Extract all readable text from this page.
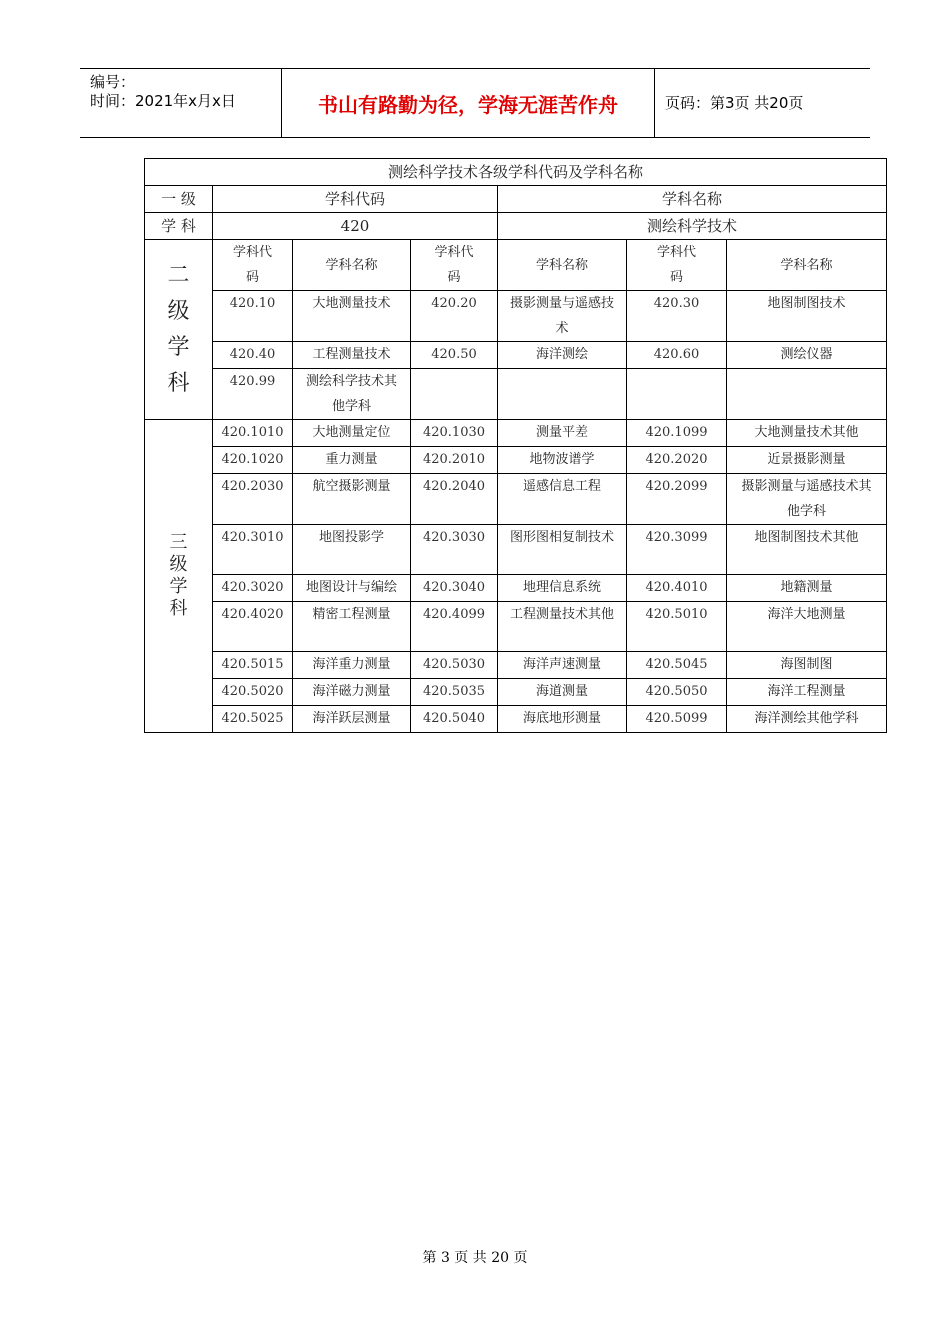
编号：
时间：2021年x月x日	书山有路勤为径，学海无涯苦作舟	页码：第3页 共20页
测绘科学技术各级学科代码及学科名称						
一 级	学科代码			学科名称		
学 科	420			测绘科学技术		

二
级
学
科	学科代码	学科名称	学科代码	学科名称	学科代码	学科名称
	420.10	大地测量技术	420.20	摄影测量与遥感技术	420.30	地图制图技术
	420.40	工程测量技术	420.50	海洋测绘	420.60	测绘仪器
	420.99	测绘科学技术其他学科				

三
级
学
科	420.1010	大地测量定位	420.1030	测量平差	420.1099	大地测量技术其他
	420.1020	重力测量	420.2010	地物波谱学	420.2020	近景摄影测量
	420.2030	航空摄影测量	420.2040	遥感信息工程	420.2099	摄影测量与遥感技术其他学科
	420.3010	地图投影学	420.3030	图形图相复制技术	420.3099	地图制图技术其他
	420.3020	地图设计与编绘	420.3040	地理信息系统	420.4010	地籍测量
	420.4020	精密工程测量	420.4099	工程测量技术其他	420.5010	海洋大地测量
	420.5015	海洋重力测量	420.5030	海洋声速测量	420.5045	海图制图
	420.5020	海洋磁力测量	420.5035	海道测量	420.5050	海洋工程测量
	420.5025	海洋跃层测量	420.5040	海底地形测量	420.5099	海洋测绘其他学科
第 3 页 共 20 页
